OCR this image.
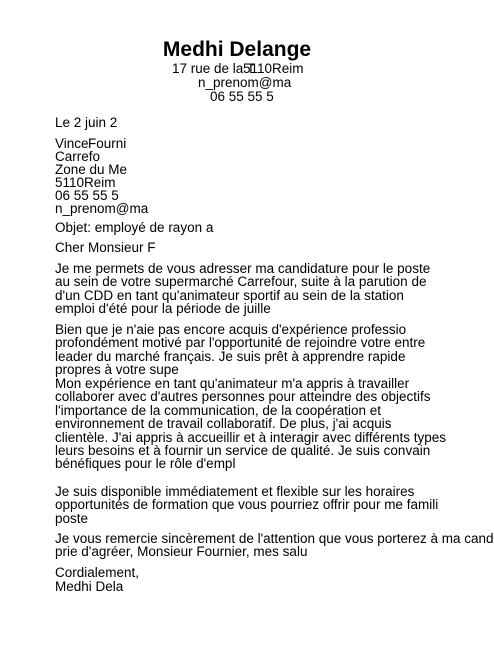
Medhi Delange
17 rue de la T
5110Reim
n_prenom@ma
06 55 55 5
Le 2 juin 2
Vince Fourni
Carrefo
Zone du Me
5110Reim
06 55 55 5
n_prenom@ma
Objet: employé de rayon a
Cher Monsieur F
Je me permets de vous adresser ma candidature pour le poste
au sein de votre supermarché Carrefour, suite à la parution de
d'un CDD en tant qu'animateur sportif au sein de la station
emploi d'été pour la période de juille
Bien que je n'aie pas encore acquis d'expérience professio
profondément motivé par l'opportunité de rejoindre votre entre
leader du marché français. Je suis prêt à apprendre rapide
propres à votre supe
Mon expérience en tant qu'animateur m'a appris à travailler
collaborer avec d'autres personnes pour atteindre des objectifs
l'importance de la communication, de la coopération et
environnement de travail collaboratif. De plus, j'ai acquis
clientèle. J'ai appris à accueillir et à interagir avec différents types
leurs besoins et à fournir un service de qualité. Je suis convain
bénéfiques pour le rôle d'empl
Je suis disponible immédiatement et flexible sur les horaires
opportunités de formation que vous pourriez offrir pour me famili
poste
Je vous remercie sincèrement de l'attention que vous porterez à ma cand
prie d'agréer, Monsieur Fournier, mes salu
Cordialement,
Medhi Dela
